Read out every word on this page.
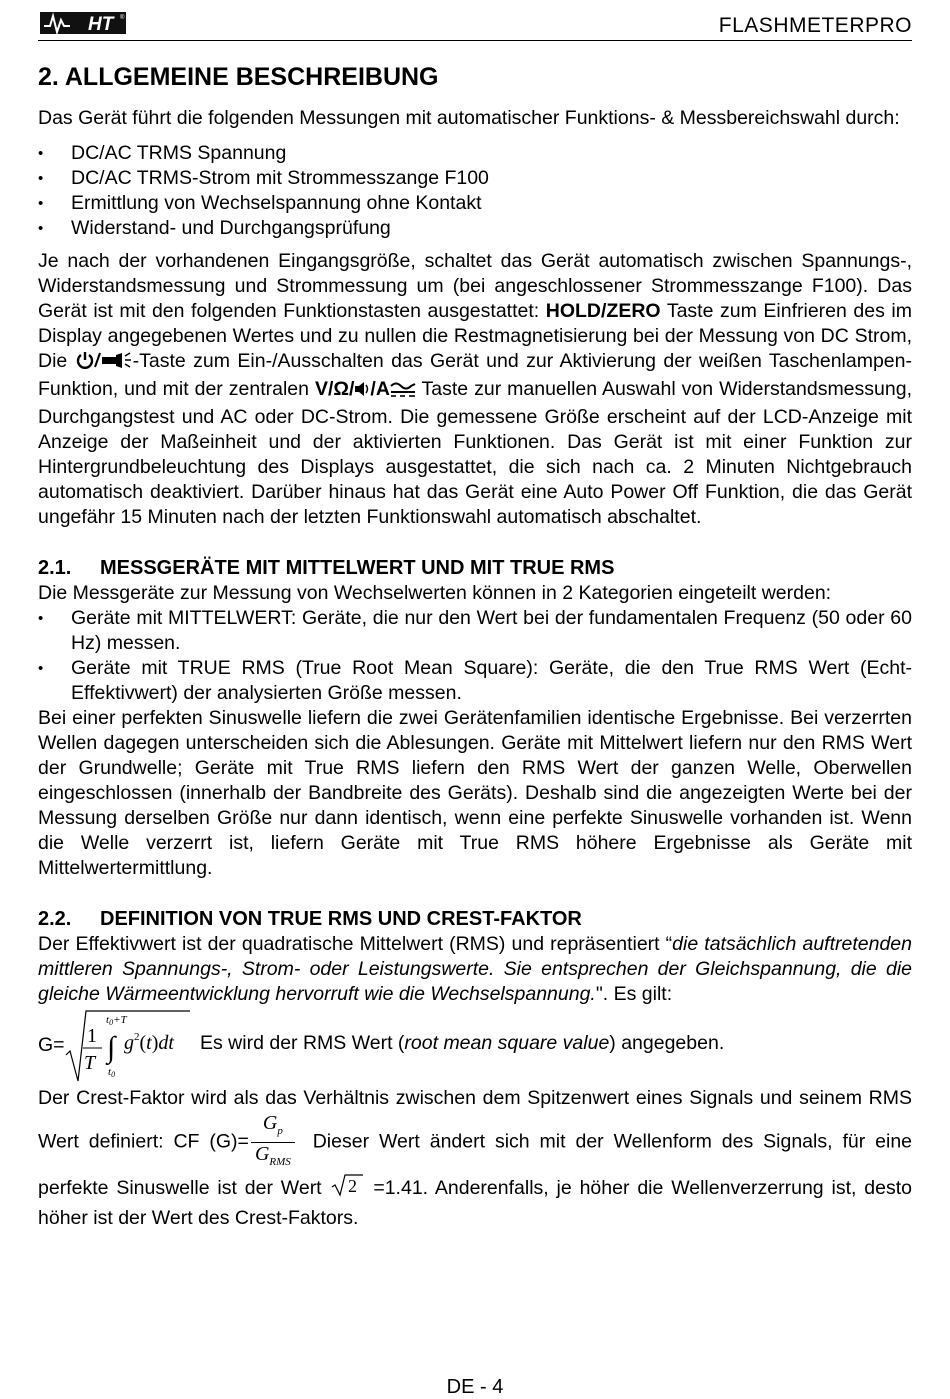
HT ®	FLASHMETERPRO
2. ALLGEMEINE BESCHREIBUNG

Das Gerät führt die folgenden Messungen mit automatischer Funktions- & Messbereichswahl durch:

• DC/AC TRMS Spannung
• DC/AC TRMS-Strom mit Strommesszange F100
• Ermittlung von Wechselspannung ohne Kontakt
• Widerstand- und Durchgangsprüfung

Je nach der vorhandenen Eingangsgröße, schaltet das Gerät automatisch zwischen Spannungs-, Widerstandsmessung und Strommessung um (bei angeschlossener Strommesszange F100). Das Gerät ist mit den folgenden Funktionstasten ausgestattet: HOLD/ZERO Taste zum Einfrieren des im Display angegebenen Wertes und zu nullen die Restmagnetisierung bei der Messung von DC Strom, Die	-Taste zum Ein-/Ausschalten das Gerät und zur Aktivierung der weißen Taschenlampen-Funktion, und mit der zentralen V/Ω/ /A Taste zur manuellen Auswahl von Widerstandsmessung, Durchgangstest und AC oder DC-Strom. Die gemessene Größe erscheint auf der LCD-Anzeige mit Anzeige der Maßeinheit und der aktivierten Funktionen. Das Gerät ist mit einer Funktion zur Hintergrundbeleuchtung des Displays ausgestattet, die sich nach ca. 2 Minuten Nichtgebrauch automatisch deaktiviert. Darüber hinaus hat das Gerät eine Auto Power Off Funktion, die das Gerät ungefähr 15 Minuten nach der letzten Funktionswahl automatisch abschaltet.

2.1. MESSGERÄTE MIT MITTELWERT UND MIT TRUE RMS

Die Messgeräte zur Messung von Wechselwerten können in 2 Kategorien eingeteilt werden:

• Geräte mit MITTELWERT: Geräte, die nur den Wert bei der fundamentalen Frequenz (50 oder 60 Hz) messen.
• Geräte mit TRUE RMS (True Root Mean Square): Geräte, die den True RMS Wert (Echt-Effektivwert) der analysierten Größe messen.

Bei einer perfekten Sinuswelle liefern die zwei Gerätenfamilien identische Ergebnisse. Bei verzerrten Wellen dagegen unterscheiden sich die Ablesungen. Geräte mit Mittelwert liefern nur den RMS Wert der Grundwelle; Geräte mit True RMS liefern den RMS Wert der ganzen Welle, Oberwellen eingeschlossen (innerhalb der Bandbreite des Geräts). Deshalb sind die angezeigten Werte bei der Messung derselben Größe nur dann identisch, wenn eine perfekte Sinuswelle vorhanden ist. Wenn die Welle verzerrt ist, liefern Geräte mit True RMS höhere Ergebnisse als Geräte mit Mittelwertermittlung.

2.2. DEFINITION VON TRUE RMS UND CREST-FAKTOR

Der Effektivwert ist der quadratische Mittelwert (RMS) und repräsentiert “die tatsächlich auftretenden mittleren Spannungs-, Strom- oder Leistungswerte. Sie entsprechen der Gleichspannung, die die gleiche Wärmeentwicklung hervorruft wie die Wechselspannung.". Es gilt:

G= 1
T
t0+T
∫
t0
$g^2(t)dt$ Es wird der RMS Wert (root mean square value) angegeben.

Der Crest-Faktor wird als das Verhältnis zwischen dem Spitzenwert eines Signals und seinem RMS Wert definiert: CF $(G)= \frac{G_p}{G_{RMS}}$ Dieser Wert ändert sich mit der Wellenform des Signals, für eine perfekte Sinuswelle ist der Wert 2 =1.41. Anderenfalls, je höher die Wellenverzerrung ist, desto höher ist der Wert des Crest-Faktors.

DE - 4
